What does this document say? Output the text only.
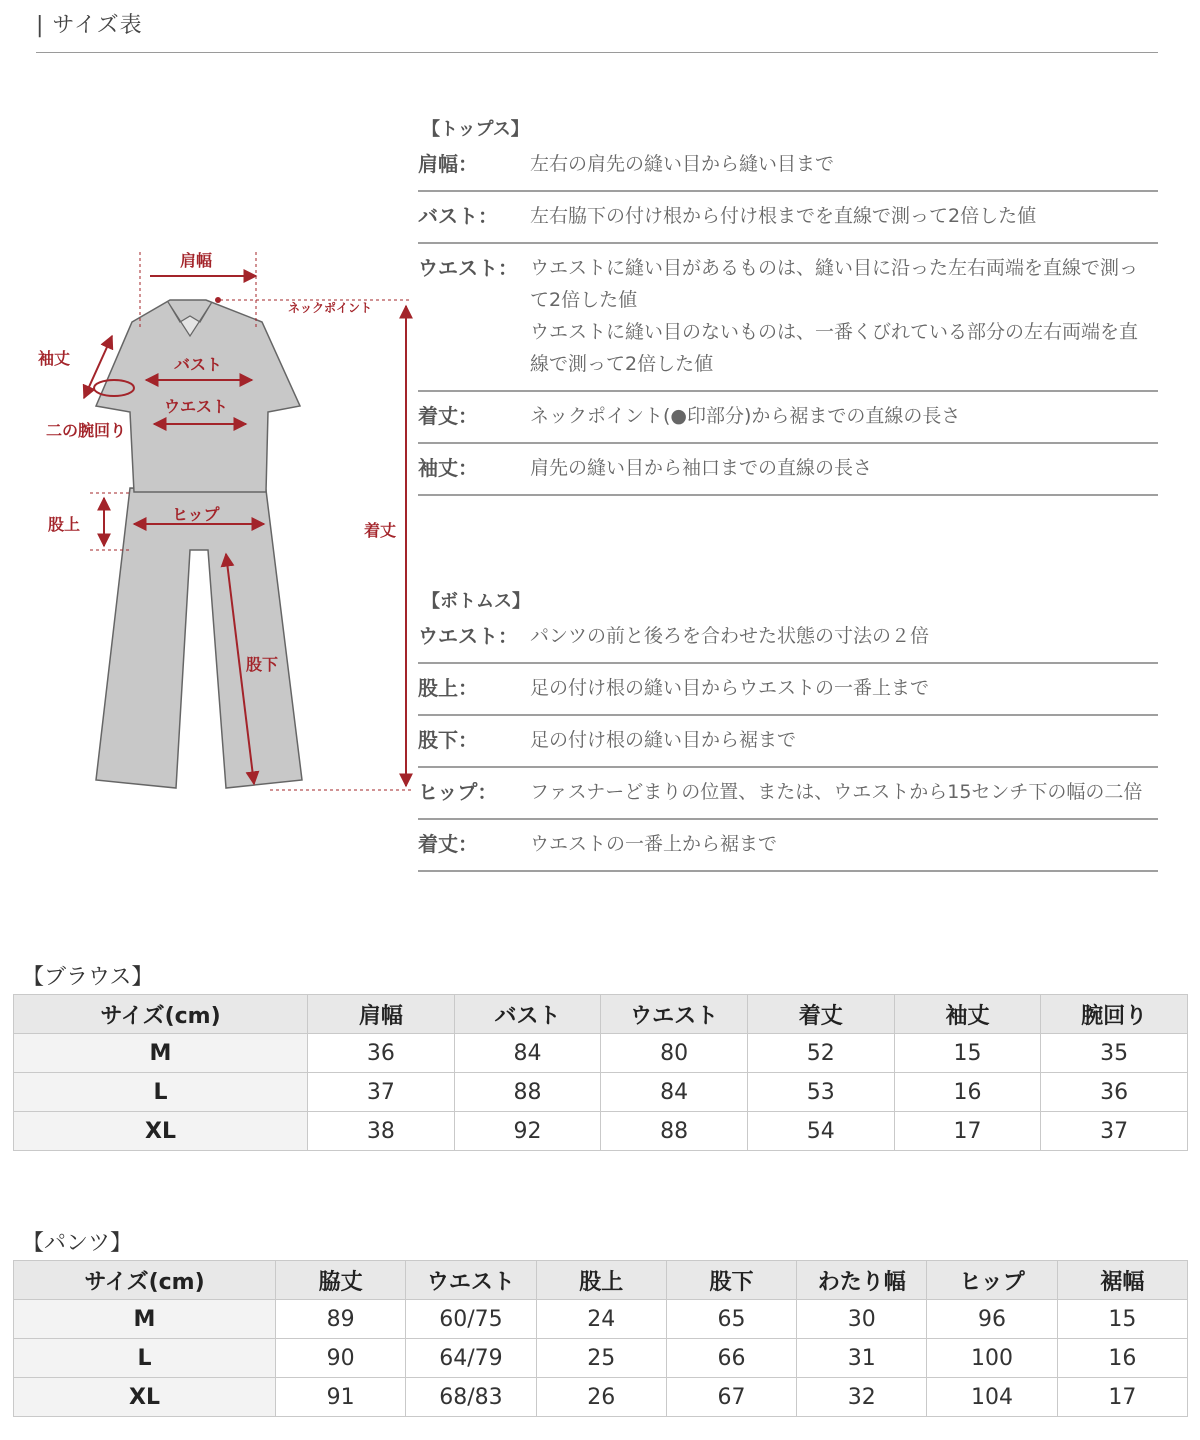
| サイズ表
肩幅
ネックポイント
袖丈	バスト
ウエスト
二の腕回り
股上
ヒップ
着丈
股下
【トップス】
肩幅：	左右の肩先の縫い目から縫い目まで
バスト：	左右脇下の付け根から付け根までを直線で測って2倍した値
ウエスト： ウエストに縫い目があるものは、縫い目に沿った左右両端を直線で測って2倍した値
ウエストに縫い目のないものは、一番くびれている部分の左右両端を直線で測って2倍した値
着丈：	ネックポイント(●印部分)から裾までの直線の長さ
袖丈：	肩先の縫い目から袖口までの直線の長さ
【ボトムス】
ウエスト： パンツの前と後ろを合わせた状態の寸法の２倍
股上：	足の付け根の縫い目からウエストの一番上まで
股下：	足の付け根の縫い目から裾まで
ヒップ：	ファスナーどまりの位置、または、ウエストから15センチ下の幅の二倍
着丈：	ウエストの一番上から裾まで
【ブラウス】
サイズ(cm)	肩幅	バスト	ウエスト	着丈	袖丈	腕回り
M	36	84	80	52	15	35
L	37	88	84	53	16	36
XL	38	92	88	54	17	37
【パンツ】
サイズ(cm)	脇丈	ウエスト	股上	股下	わたり幅	ヒップ	裾幅
M	89	60/75	24	65	30	96	15
L	90	64/79	25	66	31	100	16
XL	91	68/83	26	67	32	104	17
